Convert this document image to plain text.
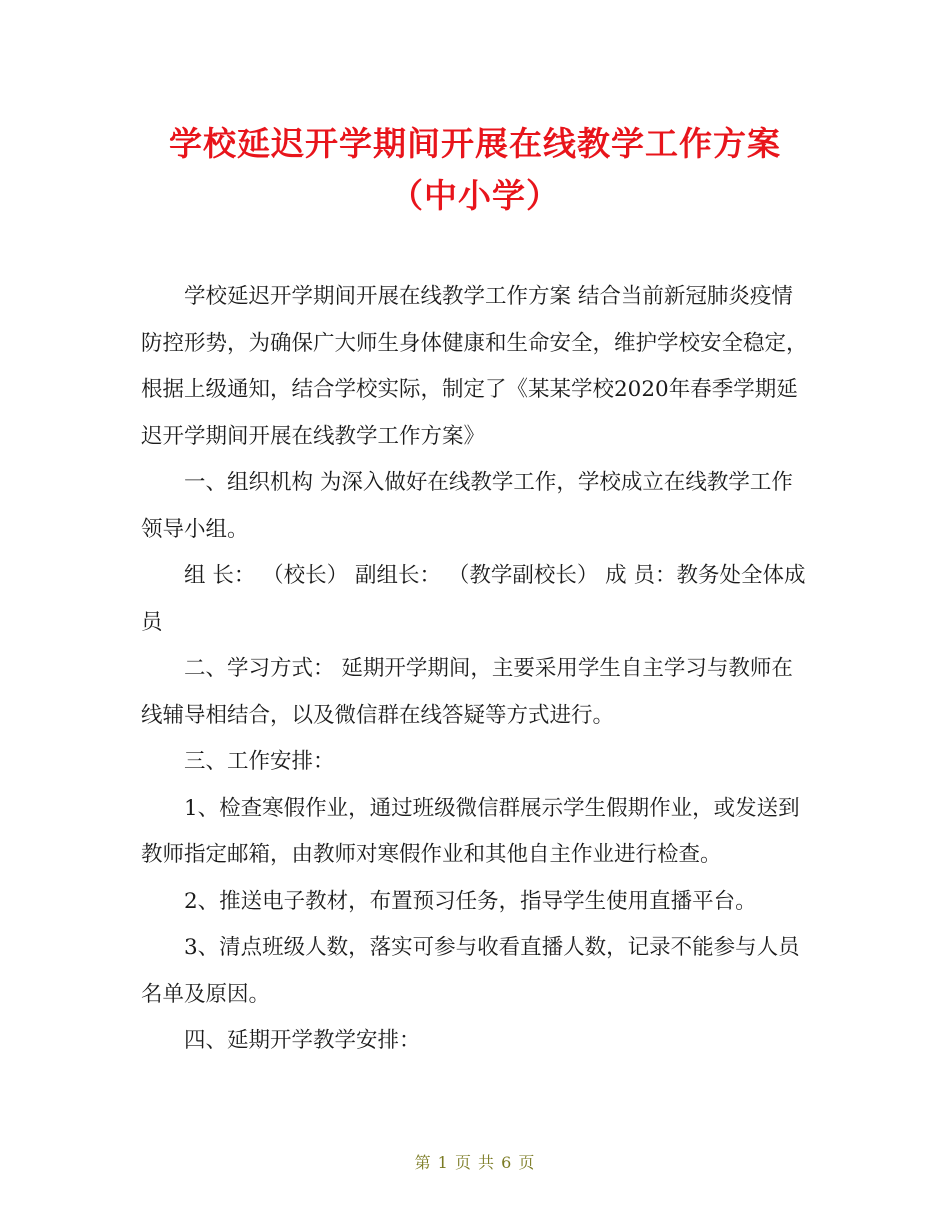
学校延迟开学期间开展在线教学工作方案（中小学）

学校延迟开学期间开展在线教学工作方案 结合当前新冠肺炎疫情防控形势，为确保广大师生身体健康和生命安全，维护学校安全稳定，根据上级通知，结合学校实际，制定了《某某学校2020年春季学期延迟开学期间开展在线教学工作方案》

一、组织机构 为深入做好在线教学工作，学校成立在线教学工作领导小组。

组 长： （校长） 副组长： （教学副校长） 成 员：教务处全体成员

二、学习方式： 延期开学期间，主要采用学生自主学习与教师在线辅导相结合，以及微信群在线答疑等方式进行。

三、工作安排：

1、检查寒假作业，通过班级微信群展示学生假期作业，或发送到教师指定邮箱，由教师对寒假作业和其他自主作业进行检查。

2、推送电子教材，布置预习任务，指导学生使用直播平台。

3、清点班级人数，落实可参与收看直播人数，记录不能参与人员名单及原因。

四、延期开学教学安排：

第 1 页 共 6 页
